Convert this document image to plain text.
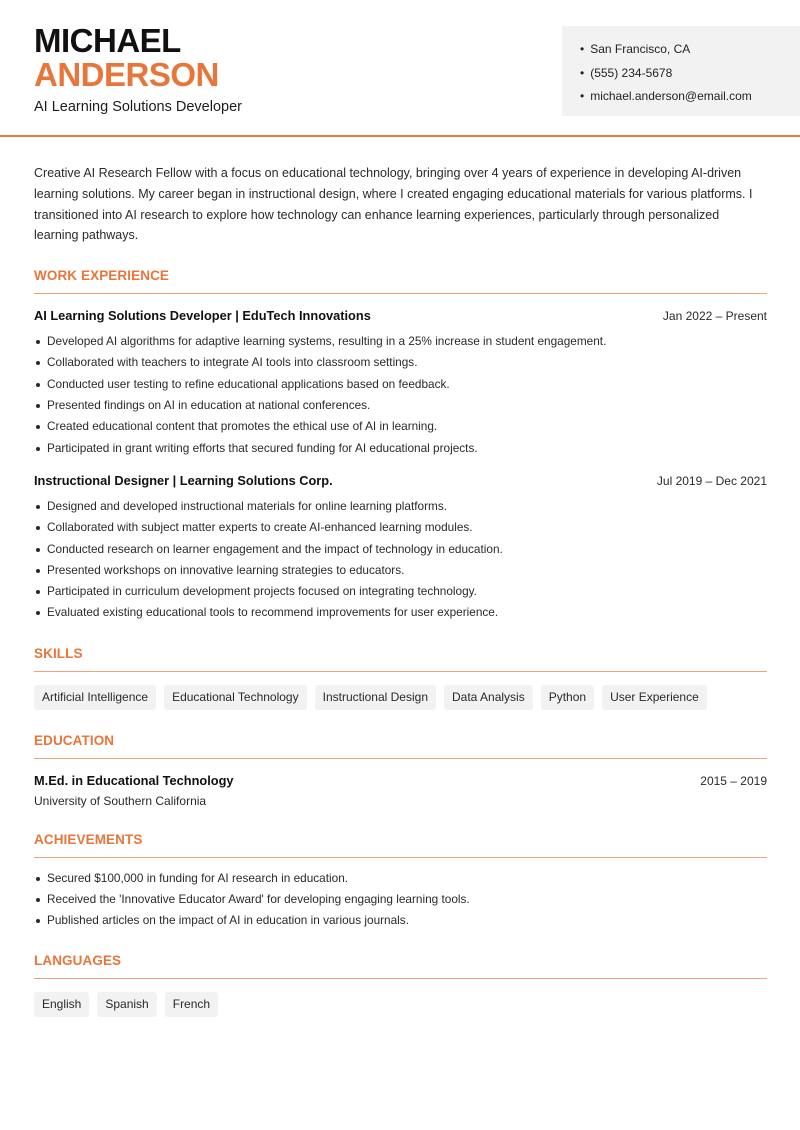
MICHAEL
ANDERSON
AI Learning Solutions Developer
• San Francisco, CA
• (555) 234-5678
• michael.anderson@email.com

Creative AI Research Fellow with a focus on educational technology, bringing over 4 years of experience in developing AI-driven learning solutions. My career began in instructional design, where I created engaging educational materials for various platforms. I transitioned into AI research to explore how technology can enhance learning experiences, particularly through personalized learning pathways.

WORK EXPERIENCE
AI Learning Solutions Developer | EduTech Innovations	Jan 2022 – Present
Developed AI algorithms for adaptive learning systems, resulting in a 25% increase in student engagement.
Collaborated with teachers to integrate AI tools into classroom settings.
Conducted user testing to refine educational applications based on feedback.
Presented findings on AI in education at national conferences.
Created educational content that promotes the ethical use of AI in learning.
Participated in grant writing efforts that secured funding for AI educational projects.
Instructional Designer | Learning Solutions Corp.	Jul 2019 – Dec 2021
Designed and developed instructional materials for online learning platforms.
Collaborated with subject matter experts to create AI-enhanced learning modules.
Conducted research on learner engagement and the impact of technology in education.
Presented workshops on innovative learning strategies to educators.
Participated in curriculum development projects focused on integrating technology.
Evaluated existing educational tools to recommend improvements for user experience.
SKILLS
Artificial Intelligence	Educational Technology	Instructional Design	Data Analysis	Python	User Experience
EDUCATION
M.Ed. in Educational Technology	2015 – 2019
University of Southern California
ACHIEVEMENTS
Secured $100,000 in funding for AI research in education.
Received the 'Innovative Educator Award' for developing engaging learning tools.
Published articles on the impact of AI in education in various journals.
LANGUAGES
English	Spanish	French
